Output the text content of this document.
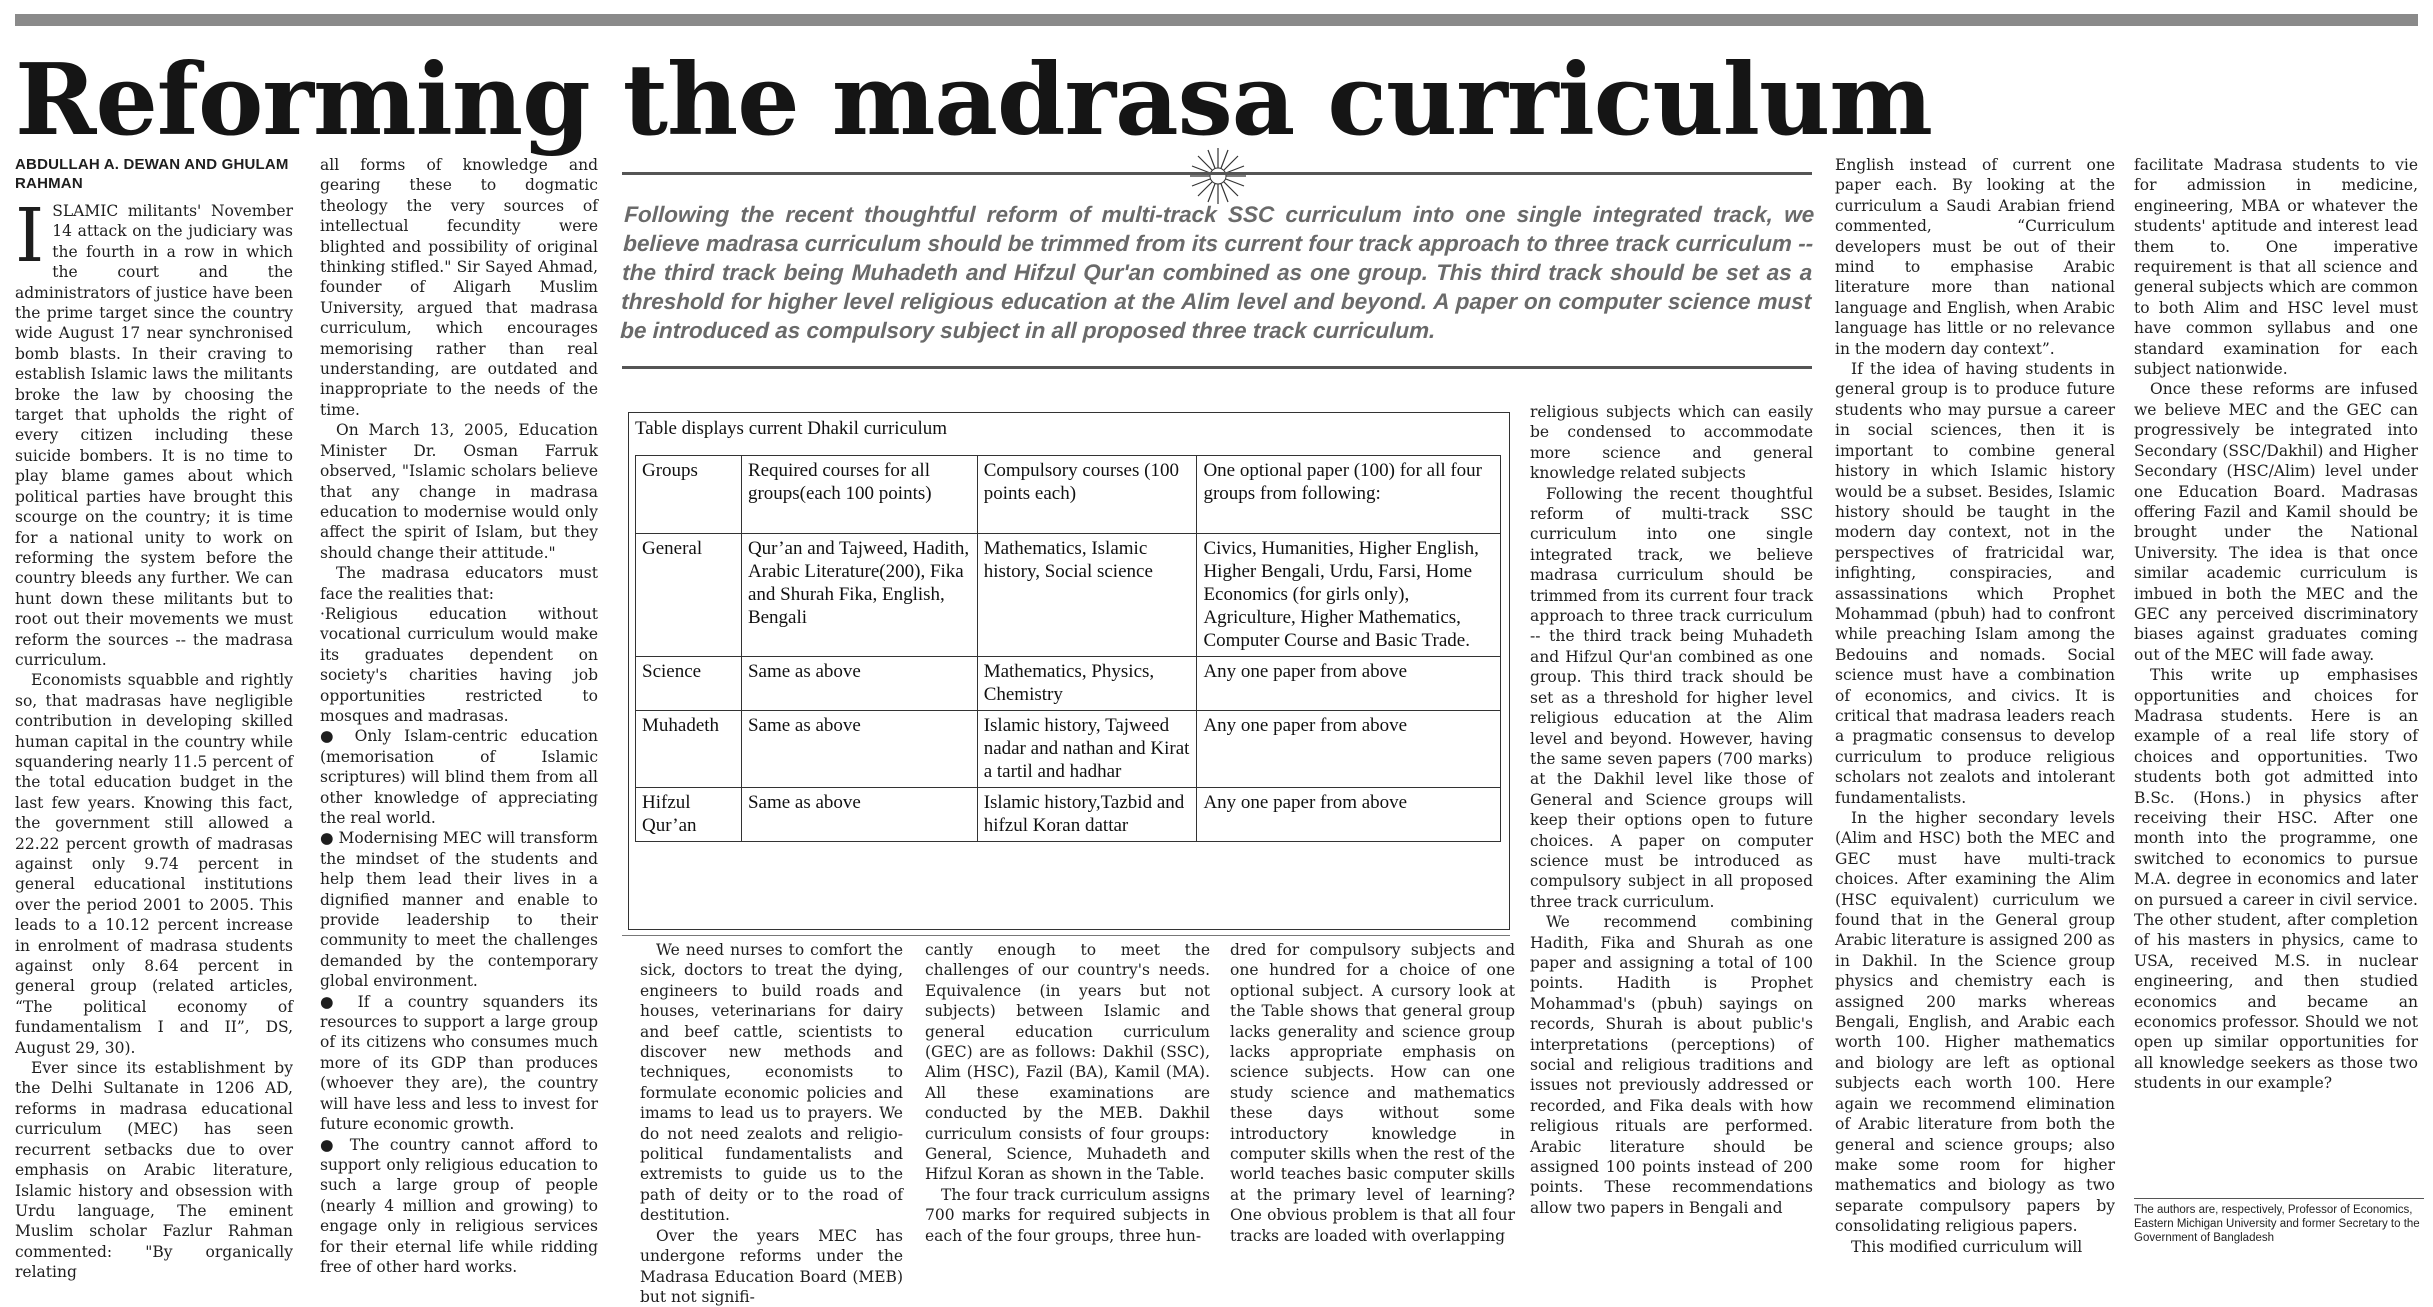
Reforming the madrasa curriculum
ABDULLAH A. DEWAN AND GHULAM RAHMAN
I SLAMIC militants' November 14 attack on the judiciary was the fourth in a row in which the court and the administrators of justice have been the prime target since the country wide August 17 near synchronised bomb blasts. In their craving to establish Islamic laws the militants broke the law by choosing the target that upholds the right of every citizen including these suicide bombers. It is no time to play blame games about which political parties have brought this scourge on the country; it is time for a national unity to work on reforming the system before the country bleeds any further. We can hunt down these militants but to root out their movements we must reform the sources -- the madrasa curriculum.

Economists squabble and rightly so, that madrasas have negligible contribution in developing skilled human capital in the country while squandering nearly 11.5 percent of the total education budget in the last few years. Knowing this fact, the government still allowed a 22.22 percent growth of madrasas against only 9.74 percent in general educational institutions over the period 2001 to 2005. This leads to a 10.12 percent increase in enrolment of madrasa students against only 8.64 percent in general group (related articles, “The political economy of fundamentalism I and II”, DS, August 29, 30).

Ever since its establishment by the Delhi Sultanate in 1206 AD, reforms in madrasa educational curriculum (MEC) has seen recurrent setbacks due to over emphasis on Arabic literature, Islamic history and obsession with Urdu language, The eminent Muslim scholar Fazlur Rahman commented: "By organically relating

all forms of knowledge and gearing these to dogmatic theology the very sources of intellectual fecundity were blighted and possibility of original thinking stifled." Sir Sayed Ahmad, founder of Aligarh Muslim University, argued that madrasa curriculum, which encourages memorising rather than real understanding, are outdated and inappropriate to the needs of the time.

On March 13, 2005, Education Minister Dr. Osman Farruk observed, "Islamic scholars believe that any change in madrasa education to modernise would only affect the spirit of Islam, but they should change their attitude."

The madrasa educators must face the realities that:

·Religious education without vocational curriculum would make its graduates dependent on society's charities having job opportunities restricted to mosques and madrasas.

● Only Islam-centric education (memorisation of Islamic scriptures) will blind them from all other knowledge of appreciating the real world.

● Modernising MEC will transform the mindset of the students and help them lead their lives in a dignified manner and enable to provide leadership to their community to meet the challenges demanded by the contemporary global environment.

● If a country squanders its resources to support a large group of its citizens who consumes much more of its GDP than produces (whoever they are), the country will have less and less to invest for future economic growth.

● The country cannot afford to support only religious education to such a large group of people (nearly 4 million and growing) to engage only in religious services for their eternal life while ridding free of other hard works.

Following the recent thoughtful reform of multi-track SSC curriculum into one single integrated track, we believe madrasa curriculum should be trimmed from its current four track approach to three track curriculum -- the third track being Muhadeth and Hifzul Qur'an combined as one group. This third track should be set as a threshold for higher level religious education at the Alim level and beyond. A paper on computer science must be introduced as compulsory subject in all proposed three track curriculum.
Table displays current Dhakil curriculum
Groups	Required courses for all groups(each 100 points)	Compulsory courses (100 points each)	One optional paper (100) for all four groups from following:
General	Qur’an and Tajweed, Hadith, Arabic Literature(200), Fika and Shurah Fika, English, Bengali	Mathematics, Islamic history, Social science	Civics, Humanities, Higher English, Higher Bengali, Urdu, Farsi, Home Economics (for girls only), Agriculture, Higher Mathematics, Computer Course and Basic Trade.
Science	Same as above	Mathematics, Physics, Chemistry	Any one paper from above
Muhadeth	Same as above	Islamic history, Tajweed nadar and nathan and Kirat a tartil and hadhar	Any one paper from above
Hifzul Qur’an	Same as above	Islamic history,Tazbid and hifzul Koran dattar	Any one paper from above

We need nurses to comfort the sick, doctors to treat the dying, engineers to build roads and houses, veterinarians for dairy and beef cattle, scientists to discover new methods and techniques, economists to formulate economic policies and imams to lead us to prayers. We do not need zealots and religio-political fundamentalists and extremists to guide us to the path of deity or to the road of destitution.

Over the years MEC has undergone reforms under the Madrasa Education Board (MEB) but not signifi-

cantly enough to meet the challenges of our country's needs. Equivalence (in years but not subjects) between Islamic and general education curriculum (GEC) are as follows: Dakhil (SSC), Alim (HSC), Fazil (BA), Kamil (MA). All these examinations are conducted by the MEB. Dakhil curriculum consists of four groups: General, Science, Muhadeth and Hifzul Koran as shown in the Table.

The four track curriculum assigns 700 marks for required subjects in each of the four groups, three hun-

dred for compulsory subjects and one hundred for a choice of one optional subject. A cursory look at the Table shows that general group lacks generality and science group lacks appropriate emphasis on science subjects. How can one study science and mathematics these days without some introductory knowledge in computer skills when the rest of the world teaches basic computer skills at the primary level of learning? One obvious problem is that all four tracks are loaded with overlapping

religious subjects which can easily be condensed to accommodate more science and general knowledge related subjects

Following the recent thoughtful reform of multi-track SSC curriculum into one single integrated track, we believe madrasa curriculum should be trimmed from its current four track approach to three track curriculum -- the third track being Muhadeth and Hifzul Qur'an combined as one group. This third track should be set as a threshold for higher level religious education at the Alim level and beyond. However, having the same seven papers (700 marks) at the Dakhil level like those of General and Science groups will keep their options open to future choices. A paper on computer science must be introduced as compulsory subject in all proposed three track curriculum.

We recommend combining Hadith, Fika and Shurah as one paper and assigning a total of 100 points. Hadith is Prophet Mohammad's (pbuh) sayings on records, Shurah is about public's interpretations (perceptions) of social and religious traditions and issues not previously addressed or recorded, and Fika deals with how religious rituals are performed. Arabic literature should be assigned 100 points instead of 200 points. These recommendations allow two papers in Bengali and

English instead of current one paper each. By looking at the curriculum a Saudi Arabian friend commented, “Curriculum developers must be out of their mind to emphasise Arabic literature more than national language and English, when Arabic language has little or no relevance in the modern day context”.

If the idea of having students in general group is to produce future students who may pursue a career in social sciences, then it is important to combine general history in which Islamic history would be a subset. Besides, Islamic history should be taught in the modern day context, not in the perspectives of fratricidal war, infighting, conspiracies, and assassinations which Prophet Mohammad (pbuh) had to confront while preaching Islam among the Bedouins and nomads. Social science must have a combination of economics, and civics. It is critical that madrasa leaders reach a pragmatic consensus to develop curriculum to produce religious scholars not zealots and intolerant fundamentalists.

In the higher secondary levels (Alim and HSC) both the MEC and GEC must have multi-track choices. After examining the Alim (HSC equivalent) curriculum we found that in the General group Arabic literature is assigned 200 as in Dakhil. In the Science group physics and chemistry each is assigned 200 marks whereas Bengali, English, and Arabic each worth 100. Higher mathematics and biology are left as optional subjects each worth 100. Here again we recommend elimination of Arabic literature from both the general and science groups; also make some room for higher mathematics and biology as two separate compulsory papers by consolidating religious papers.

This modified curriculum will

facilitate Madrasa students to vie for admission in medicine, engineering, MBA or whatever the students' aptitude and interest lead them to. One imperative requirement is that all science and general subjects which are common to both Alim and HSC level must have common syllabus and one standard examination for each subject nationwide.

Once these reforms are infused we believe MEC and the GEC can progressively be integrated into Secondary (SSC/Dakhil) and Higher Secondary (HSC/Alim) level under one Education Board. Madrasas offering Fazil and Kamil should be brought under the National University. The idea is that once similar academic curriculum is imbued in both the MEC and the GEC any perceived discriminatory biases against graduates coming out of the MEC will fade away.

This write up emphasises opportunities and choices for Madrasa students. Here is an example of a real life story of choices and opportunities. Two students both got admitted into B.Sc. (Hons.) in physics after receiving their HSC. After one month into the programme, one switched to economics to pursue M.A. degree in economics and later on pursued a career in civil service. The other student, after completion of his masters in physics, came to USA, received M.S. in nuclear engineering, and then studied economics and became an economics professor. Should we not open up similar opportunities for all knowledge seekers as those two students in our example?

The authors are, respectively, Professor of Economics, Eastern Michigan University and former Secretary to the Government of Bangladesh
